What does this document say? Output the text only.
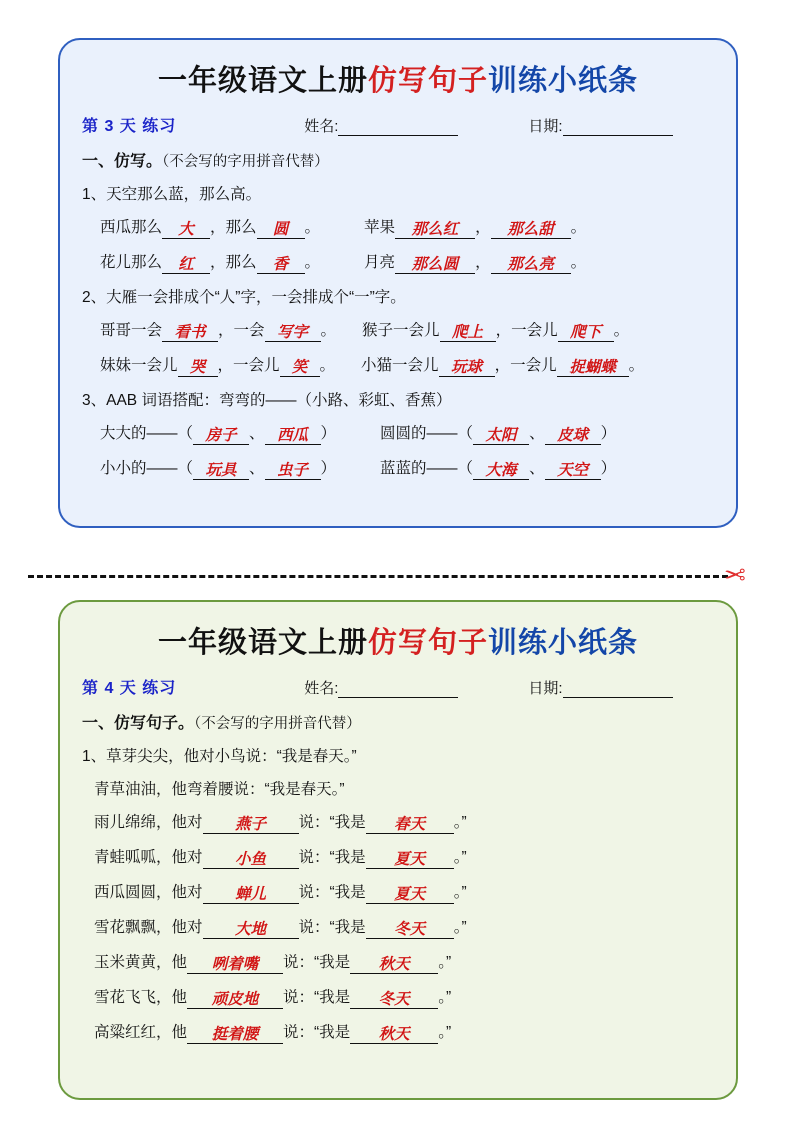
一年级语文上册仿写句子训练小纸条
第 3 天 练习	姓名:	日期:
一、仿写。（不会写的字用拼音代替）
1、天空那么蓝，那么高。
西瓜那么 大 ，那么 圆 。	苹果 那么红 ， 那么甜 。
花儿那么 红 ，那么 香 。	月亮 那么圆 ， 那么亮 。
2、大雁一会排成个“人”字，一会排成个“一”字。
哥哥一会 看书 ，一会 写字 。 猴子一会儿 爬上 ，一会儿 爬下 。
妹妹一会儿 哭 ，一会儿 笑 。 小猫一会儿 玩球 ，一会儿 捉蝴蝶 。
3、AAB 词语搭配：弯弯的——（小路、彩虹、香蕉）
大大的——（ 房子 、 西瓜 ）	圆圆的——（ 太阳 、 皮球 ）
小小的——（ 玩具 、 虫子 ）	蓝蓝的——（ 大海 、 天空 ）
✂
一年级语文上册仿写句子训练小纸条
第 4 天 练习	姓名:	日期:
一、仿写句子。（不会写的字用拼音代替）
1、草芽尖尖，他对小鸟说：“我是春天。”
青草油油，他弯着腰说：“我是春天。”
雨儿绵绵，他对 燕子 说：“我是 春天 。”
青蛙呱呱，他对 小鱼 说：“我是 夏天 。”
西瓜圆圆，他对 蝉儿 说：“我是 夏天 。”
雪花飘飘，他对 大地 说：“我是 冬天 。”
玉米黄黄，他 咧着嘴 说：“我是 秋天 。”
雪花飞飞，他 顽皮地 说：“我是 冬天 。”
高粱红红，他 挺着腰 说：“我是 秋天 。”
